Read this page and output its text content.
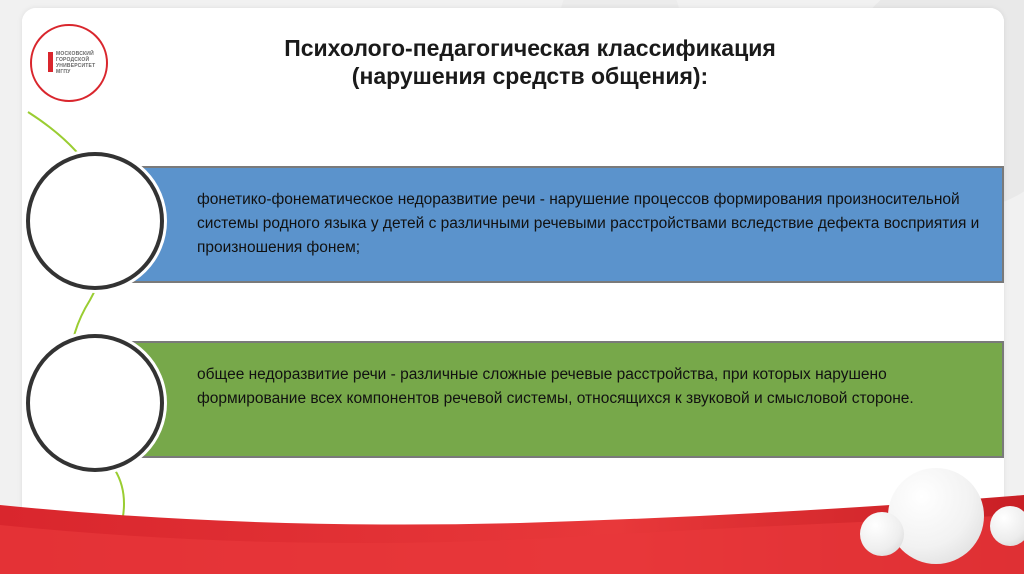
МОСКОВСКИЙ
ГОРОДСКОЙ
УНИВЕРСИТЕТ
МГПУ
Психолого-педагогическая классификация
(нарушения средств общения):
фонетико-фонематическое недоразвитие речи - нарушение процессов формирования произносительной системы родного языка у детей с различными речевыми расстройствами вследствие дефекта восприятия и произношения фонем;
общее недоразвитие речи - различные сложные речевые расстройства, при которых нарушено формирование всех компонентов речевой системы, относящихся к звуковой и смысловой стороне.
